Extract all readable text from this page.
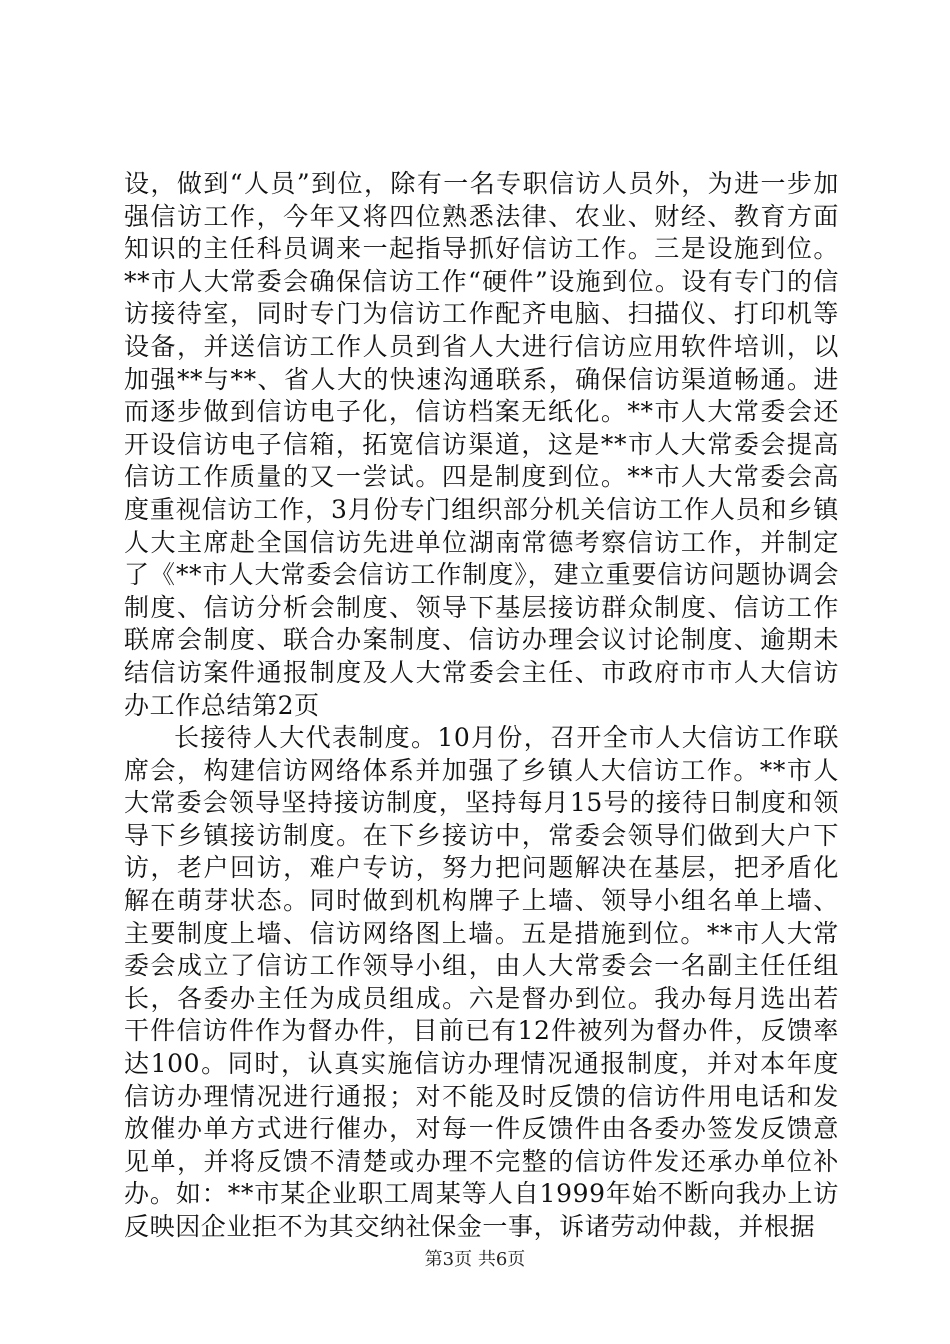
设，做到“人员”到位，除有一名专职信访人员外，为进一步加强信访工作，今年又将四位熟悉法律、农业、财经、教育方面知识的主任科员调来一起指导抓好信访工作。三是设施到位。**市人大常委会确保信访工作“硬件”设施到位。设有专门的信访接待室，同时专门为信访工作配齐电脑、扫描仪、打印机等设备，并送信访工作人员到省人大进行信访应用软件培训，以加强**与**、省人大的快速沟通联系，确保信访渠道畅通。进而逐步做到信访电子化，信访档案无纸化。**市人大常委会还开设信访电子信箱，拓宽信访渠道，这是**市人大常委会提高信访工作质量的又一尝试。四是制度到位。**市人大常委会高度重视信访工作，3月份专门组织部分机关信访工作人员和乡镇人大主席赴全国信访先进单位湖南常德考察信访工作，并制定了《**市人大常委会信访工作制度》，建立重要信访问题协调会制度、信访分析会制度、领导下基层接访群众制度、信访工作联席会制度、联合办案制度、信访办理会议讨论制度、逾期未结信访案件通报制度及人大常委会主任、市政府市市人大信访办工作总结第2页

长接待人大代表制度。10月份，召开全市人大信访工作联席会，构建信访网络体系并加强了乡镇人大信访工作。**市人大常委会领导坚持接访制度，坚持每月15号的接待日制度和领导下乡镇接访制度。在下乡接访中，常委会领导们做到大户下访，老户回访，难户专访，努力把问题解决在基层，把矛盾化解在萌芽状态。同时做到机构牌子上墙、领导小组名单上墙、主要制度上墙、信访网络图上墙。五是措施到位。**市人大常委会成立了信访工作领导小组，由人大常委会一名副主任任组长，各委办主任为成员组成。六是督办到位。我办每月选出若干件信访件作为督办件，目前已有12件被列为督办件，反馈率达100。同时，认真实施信访办理情况通报制度，并对本年度信访办理情况进行通报；对不能及时反馈的信访件用电话和发放催办单方式进行催办，对每一件反馈件由各委办签发反馈意见单，并将反馈不清楚或办理不完整的信访件发还承办单位补办。如：**市某企业职工周某等人自1999年始不断向我办上访反映因企业拒不为其交纳社保金一事，诉诸劳动仲裁，并根据

第3页 共6页
